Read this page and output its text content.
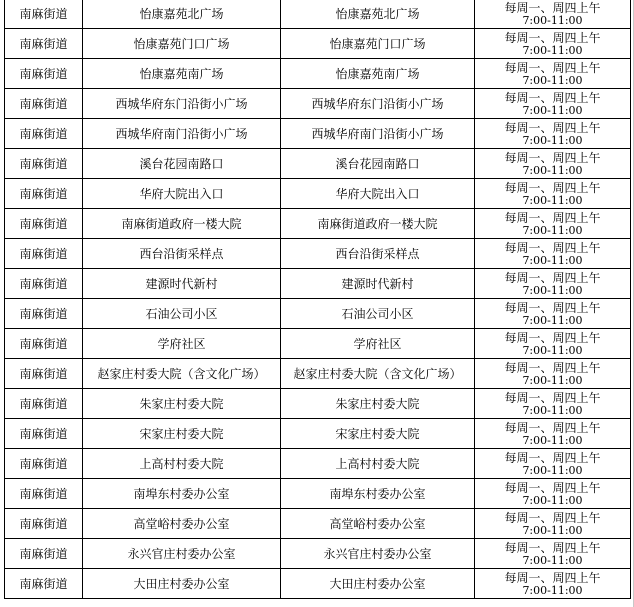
南麻街道	怡康嘉苑北广场	怡康嘉苑北广场	每周一、周四上午
7:00-11:00

南麻街道	怡康嘉苑门口广场	怡康嘉苑门口广场	每周一、周四上午
7:00-11:00

南麻街道	怡康嘉苑南广场	怡康嘉苑南广场	每周一、周四上午
7:00-11:00

南麻街道	西城华府东门沿街小广场	西城华府东门沿街小广场	每周一、周四上午
7:00-11:00

南麻街道	西城华府南门沿街小广场	西城华府南门沿街小广场	每周一、周四上午
7:00-11:00

南麻街道	溪台花园南路口	溪台花园南路口	每周一、周四上午
7:00-11:00

南麻街道	华府大院出入口	华府大院出入口	每周一、周四上午
7:00-11:00

南麻街道	南麻街道政府一楼大院	南麻街道政府一楼大院	每周一、周四上午
7:00-11:00

南麻街道	西台沿街采样点	西台沿街采样点	每周一、周四上午
7:00-11:00

南麻街道	建源时代新村	建源时代新村	每周一、周四上午
7:00-11:00

南麻街道	石油公司小区	石油公司小区	每周一、周四上午
7:00-11:00

南麻街道	学府社区	学府社区	每周一、周四上午
7:00-11:00

南麻街道	赵家庄村委大院（含文化广场）	赵家庄村委大院（含文化广场）	每周一、周四上午
7:00-11:00

南麻街道	朱家庄村委大院	朱家庄村委大院	每周一、周四上午
7:00-11:00

南麻街道	宋家庄村委大院	宋家庄村委大院	每周一、周四上午
7:00-11:00

南麻街道	上高村村委大院	上高村村委大院	每周一、周四上午
7:00-11:00

南麻街道	南埠东村委办公室	南埠东村委办公室	每周一、周四上午
7:00-11:00

南麻街道	高堂峪村委办公室	高堂峪村委办公室	每周一、周四上午
7:00-11:00

南麻街道	永兴官庄村委办公室	永兴官庄村委办公室	每周一、周四上午
7:00-11:00

南麻街道	大田庄村委办公室	大田庄村委办公室	每周一、周四上午
7:00-11:00
